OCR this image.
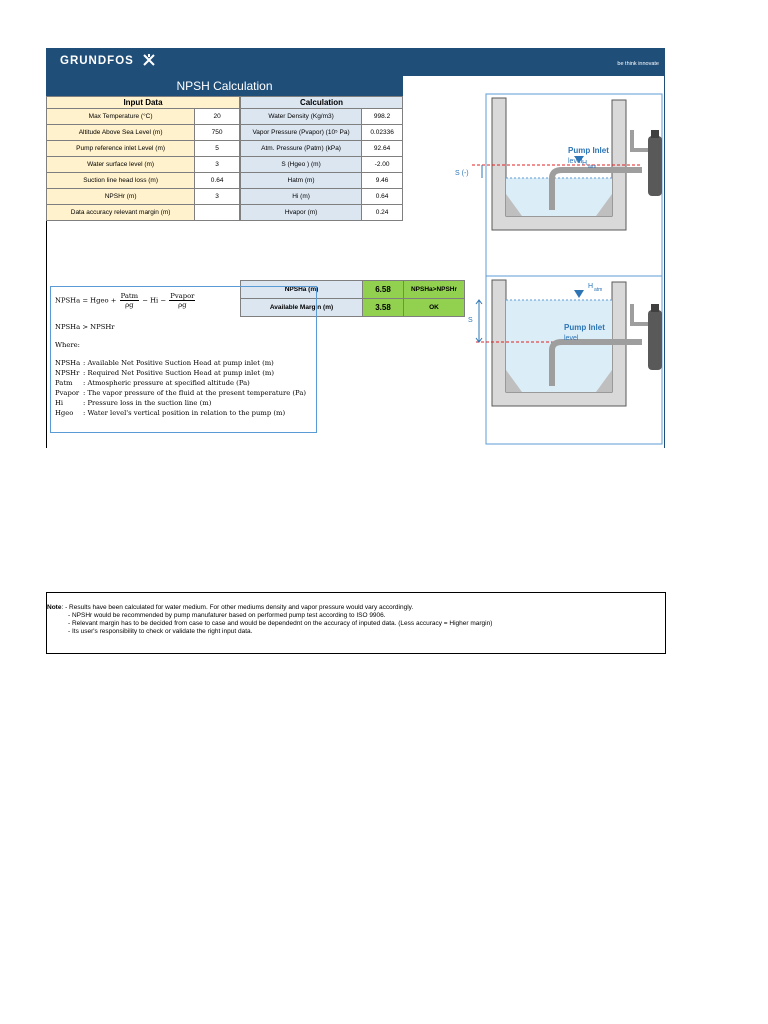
GRUNDFOS	be think innovate
NPSH Calculation
Input Data	
Max Temperature (°C)	20
Altitude Above Sea Level (m)	750
Pump reference inlet Level (m)	5
Water surface level (m)	3
Suction line head loss (m)	0.64
NPSHr (m)	3
Data accuracy relevant margin (m)	
Calculation	
Water Density (Kg/m3)	998.2
Vapor Pressure (Pvapor) (10⁵ Pa)	0.02336
Atm. Pressure (Patm) (kPa)	92.64
S (Hgeo ) (m)	-2.00
Hatm (m)	9.46
Hi (m)	0.64
Hvapor (m)	0.24
NPSHa (m)	6.58	NPSHa>NPSHr
Available Margin (m)	3.58	OK
NPSHa = Hgeo + $\frac{\text{Patm}}{\rho g} - Hi - \frac{\text{Pvapor}}{\rho g}$
NPSHa > NPSHr
Where:
NPSHa : Available Net Positive Suction Head at pump inlet (m)
NPSHr : Required Net Positive Suction Head at pump inlet (m)
Patm : Atmospheric pressure at specified altitude (Pa)
Pvapor : The vapor pressure of the fluid at the present temperature (Pa)
Hi	: Pressure loss in the suction line (m)
Hgeo : Water level's vertical position in relation to the pump (m)
Pump Inlet
level H atm
S (-)
H atm
Pump Inlet
level
S
Note: - Results have been calculated for water medium. For other mediums density and vapor pressure would vary accordingly.
- NPSHr would be recommended by pump manufaturer based on performed pump test according to ISO 9906.
- Relevant margin has to be decided from case to case and would be dependednt on the accuracy of inputed data. (Less accuracy = Higher margin)
- Its user's responsibility to check or validate the right input data.
